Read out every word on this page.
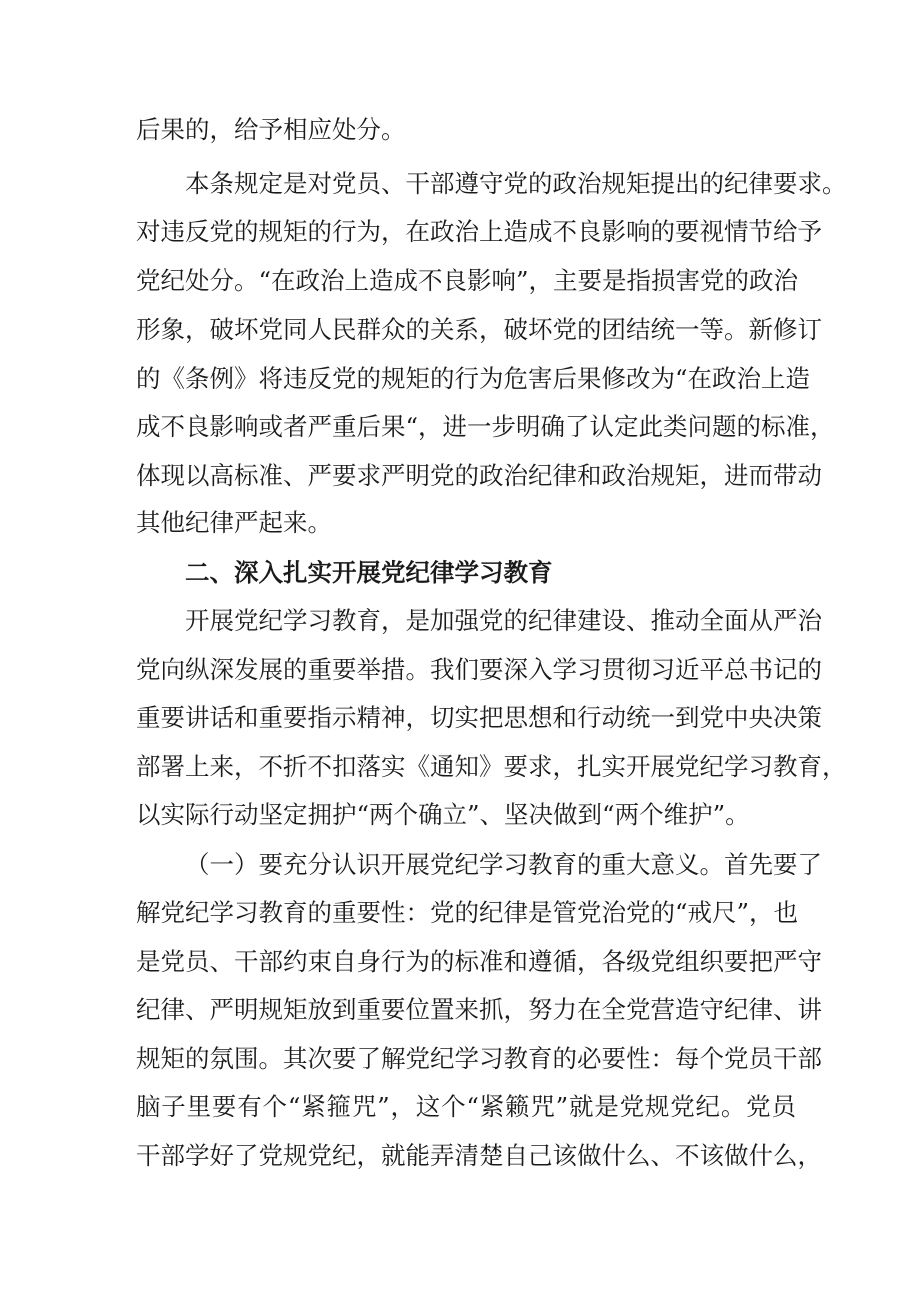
后果的，给予相应处分。
本条规定是对党员、干部遵守党的政治规矩提出的纪律要求。
对违反党的规矩的行为，在政治上造成不良影响的要视情节给予
党纪处分。“在政治上造成不良影响”，主要是指损害党的政治
形象，破坏党同人民群众的关系，破坏党的团结统一等。新修订
的《条例》将违反党的规矩的行为危害后果修改为“在政治上造
成不良影响或者严重后果“，进一步明确了认定此类问题的标准，
体现以高标准、严要求严明党的政治纪律和政治规矩，进而带动
其他纪律严起来。
二、深入扎实开展党纪律学习教育
开展党纪学习教育，是加强党的纪律建设、推动全面从严治
党向纵深发展的重要举措。我们要深入学习贯彻习近平总书记的
重要讲话和重要指示精神，切实把思想和行动统一到党中央决策
部署上来，不折不扣落实《通知》要求，扎实开展党纪学习教育，
以实际行动坚定拥护“两个确立”、坚决做到“两个维护”。
（一）要充分认识开展党纪学习教育的重大意义。首先要了
解党纪学习教育的重要性：党的纪律是管党治党的“戒尺”，也
是党员、干部约束自身行为的标准和遵循，各级党组织要把严守
纪律、严明规矩放到重要位置来抓，努力在全党营造守纪律、讲
规矩的氛围。其次要了解党纪学习教育的必要性：每个党员干部
脑子里要有个“紧箍咒”，这个“紧籁咒”就是党规党纪。党员
干部学好了党规党纪，就能弄清楚自己该做什么、不该做什么，
